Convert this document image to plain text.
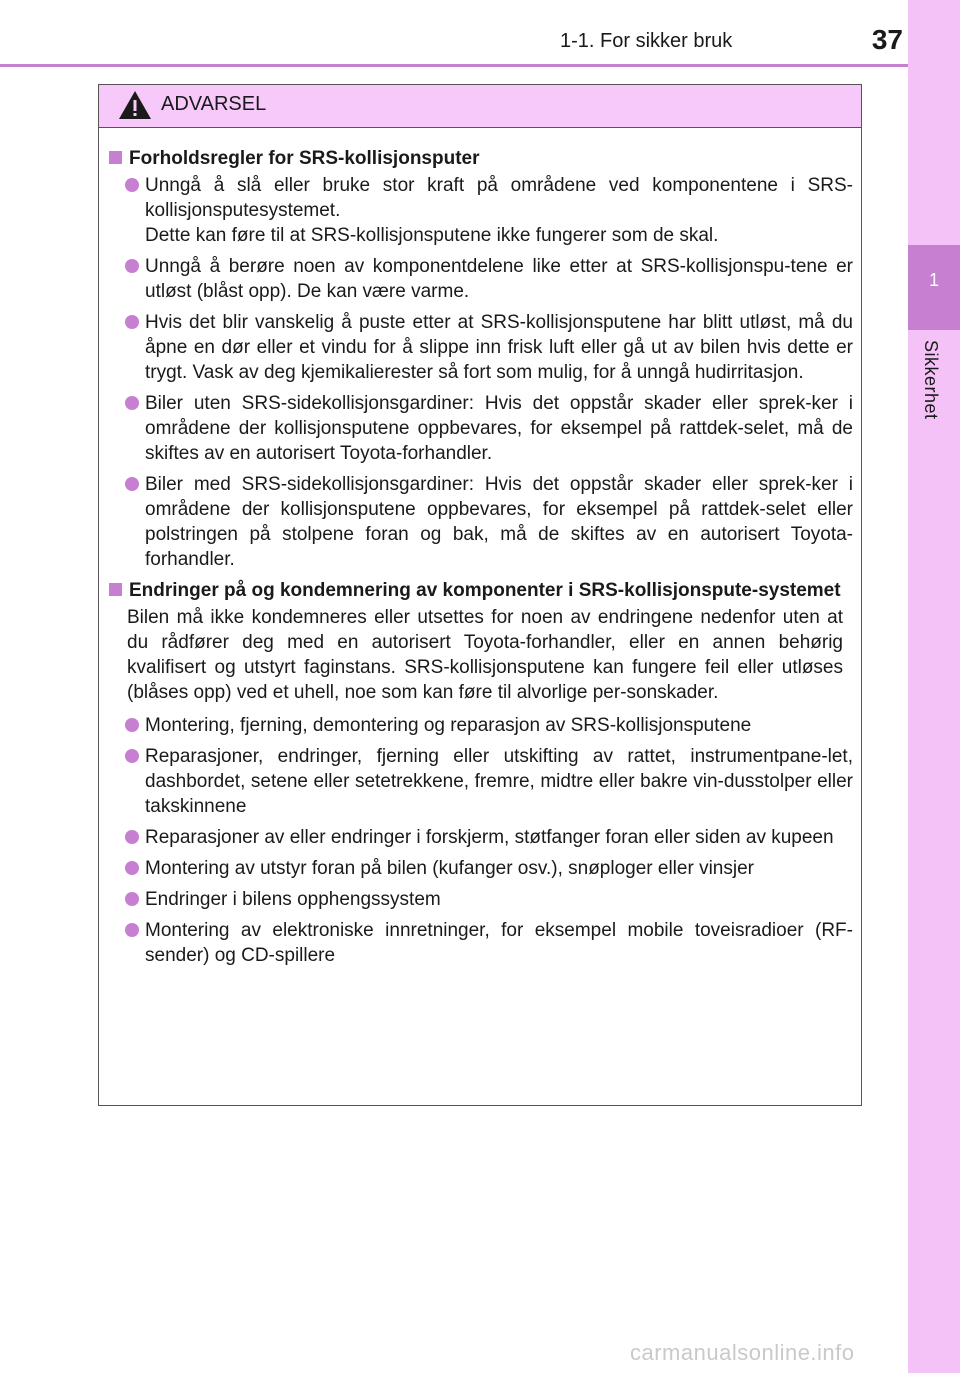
1-1. For sikker bruk	37
1
Sikkerhet
ADVARSEL
Forholdsregler for SRS-kollisjonsputer
Unngå å slå eller bruke stor kraft på områdene ved komponentene i SRS-kollisjonsputesystemet.
Dette kan føre til at SRS-kollisjonsputene ikke fungerer som de skal.
Unngå å berøre noen av komponentdelene like etter at SRS-kollisjonspu-tene er utløst (blåst opp). De kan være varme.
Hvis det blir vanskelig å puste etter at SRS-kollisjonsputene har blitt utløst, må du åpne en dør eller et vindu for å slippe inn frisk luft eller gå ut av bilen hvis dette er trygt. Vask av deg kjemikalierester så fort som mulig, for å unngå hudirritasjon.
Biler uten SRS-sidekollisjonsgardiner: Hvis det oppstår skader eller sprek-ker i områdene der kollisjonsputene oppbevares, for eksempel på rattdek-selet, må de skiftes av en autorisert Toyota-forhandler.
Biler med SRS-sidekollisjonsgardiner: Hvis det oppstår skader eller sprek-ker i områdene der kollisjonsputene oppbevares, for eksempel på rattdek-selet eller polstringen på stolpene foran og bak, må de skiftes av en autorisert Toyota-forhandler.
Endringer på og kondemnering av komponenter i SRS-kollisjonspute-systemet
Bilen må ikke kondemneres eller utsettes for noen av endringene nedenfor uten at du rådfører deg med en autorisert Toyota-forhandler, eller en annen behørig kvalifisert og utstyrt faginstans. SRS-kollisjonsputene kan fungere feil eller utløses (blåses opp) ved et uhell, noe som kan føre til alvorlige per-sonskader.
Montering, fjerning, demontering og reparasjon av SRS-kollisjonsputene
Reparasjoner, endringer, fjerning eller utskifting av rattet, instrumentpane-let, dashbordet, setene eller setetrekkene, fremre, midtre eller bakre vin-dusstolper eller takskinnene
Reparasjoner av eller endringer i forskjerm, støtfanger foran eller siden av kupeen
Montering av utstyr foran på bilen (kufanger osv.), snøploger eller vinsjer
Endringer i bilens opphengssystem
Montering av elektroniske innretninger, for eksempel mobile toveisradioer (RF-sender) og CD-spillere
carmanualsonline.info
